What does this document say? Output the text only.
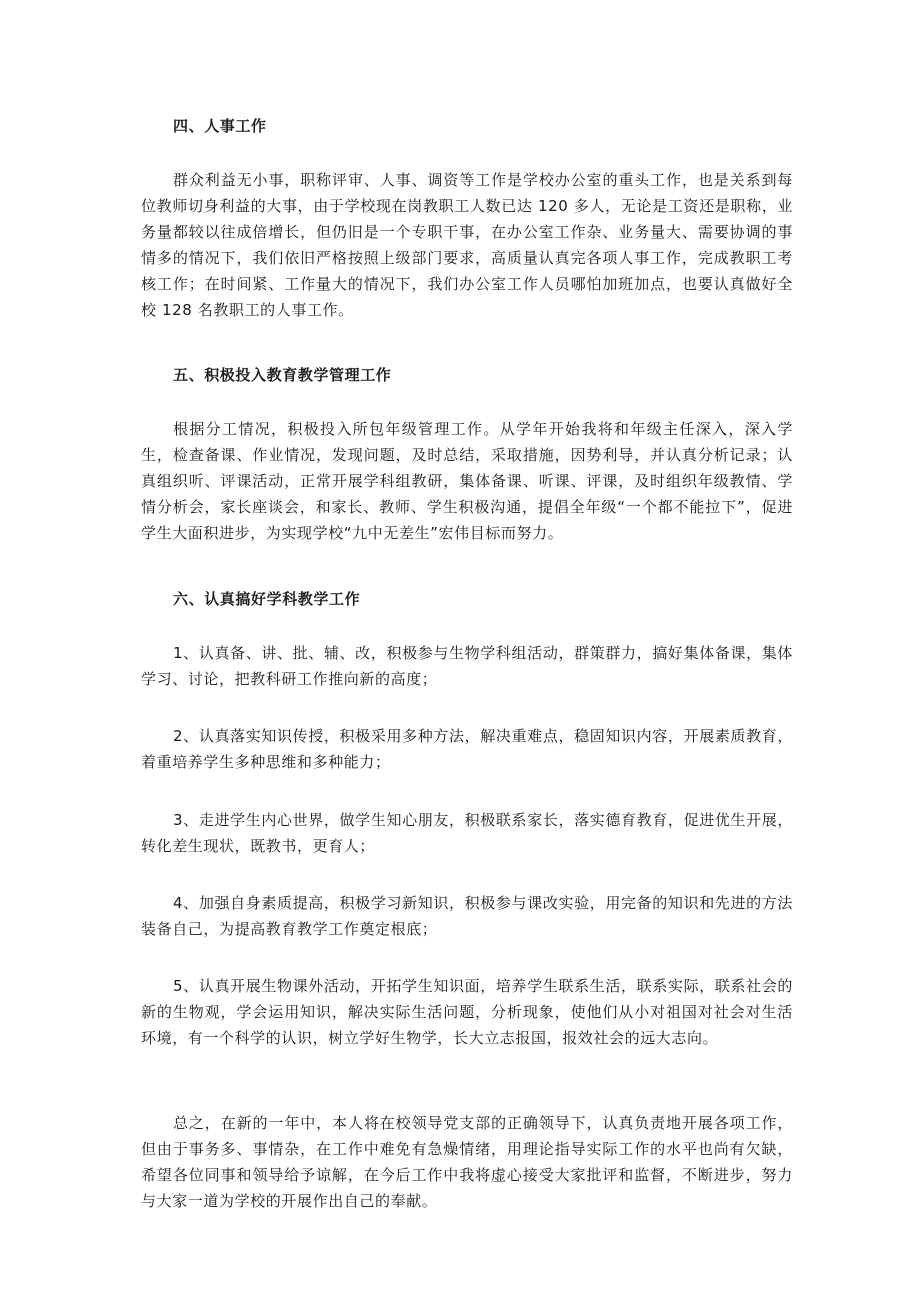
四、人事工作

群众利益无小事，职称评审、人事、调资等工作是学校办公室的重头工作，也是关系到每位教师切身利益的大事，由于学校现在岗教职工人数已达 120 多人，无论是工资还是职称，业务量都较以往成倍增长，但仍旧是一个专职干事，在办公室工作杂、业务量大、需要协调的事情多的情况下，我们依旧严格按照上级部门要求，高质量认真完各项人事工作，完成教职工考核工作；在时间紧、工作量大的情况下，我们办公室工作人员哪怕加班加点，也要认真做好全校 128 名教职工的人事工作。

五、积极投入教育教学管理工作

根据分工情况，积极投入所包年级管理工作。从学年开始我将和年级主任深入，深入学生，检查备课、作业情况，发现问题，及时总结，采取措施，因势利导，并认真分析记录；认真组织听、评课活动，正常开展学科组教研，集体备课、听课、评课，及时组织年级教情、学情分析会，家长座谈会，和家长、教师、学生积极沟通，提倡全年级“一个都不能拉下”，促进学生大面积进步，为实现学校“九中无差生”宏伟目标而努力。

六、认真搞好学科教学工作

1、认真备、讲、批、辅、改，积极参与生物学科组活动，群策群力，搞好集体备课，集体学习、讨论，把教科研工作推向新的高度；

2、认真落实知识传授，积极采用多种方法，解决重难点，稳固知识内容，开展素质教育，着重培养学生多种思维和多种能力；

3、走进学生内心世界，做学生知心朋友，积极联系家长，落实德育教育，促进优生开展，转化差生现状，既教书，更育人；

4、加强自身素质提高，积极学习新知识，积极参与课改实验，用完备的知识和先进的方法装备自己，为提高教育教学工作奠定根底；

5、认真开展生物课外活动，开拓学生知识面，培养学生联系生活，联系实际，联系社会的新的生物观，学会运用知识，解决实际生活问题，分析现象，使他们从小对祖国对社会对生活环境，有一个科学的认识，树立学好生物学，长大立志报国，报效社会的远大志向。

总之，在新的一年中，本人将在校领导党支部的正确领导下，认真负责地开展各项工作，但由于事务多、事情杂，在工作中难免有急燥情绪，用理论指导实际工作的水平也尚有欠缺，希望各位同事和领导给予谅解，在今后工作中我将虚心接受大家批评和监督，不断进步，努力与大家一道为学校的开展作出自己的奉献。
